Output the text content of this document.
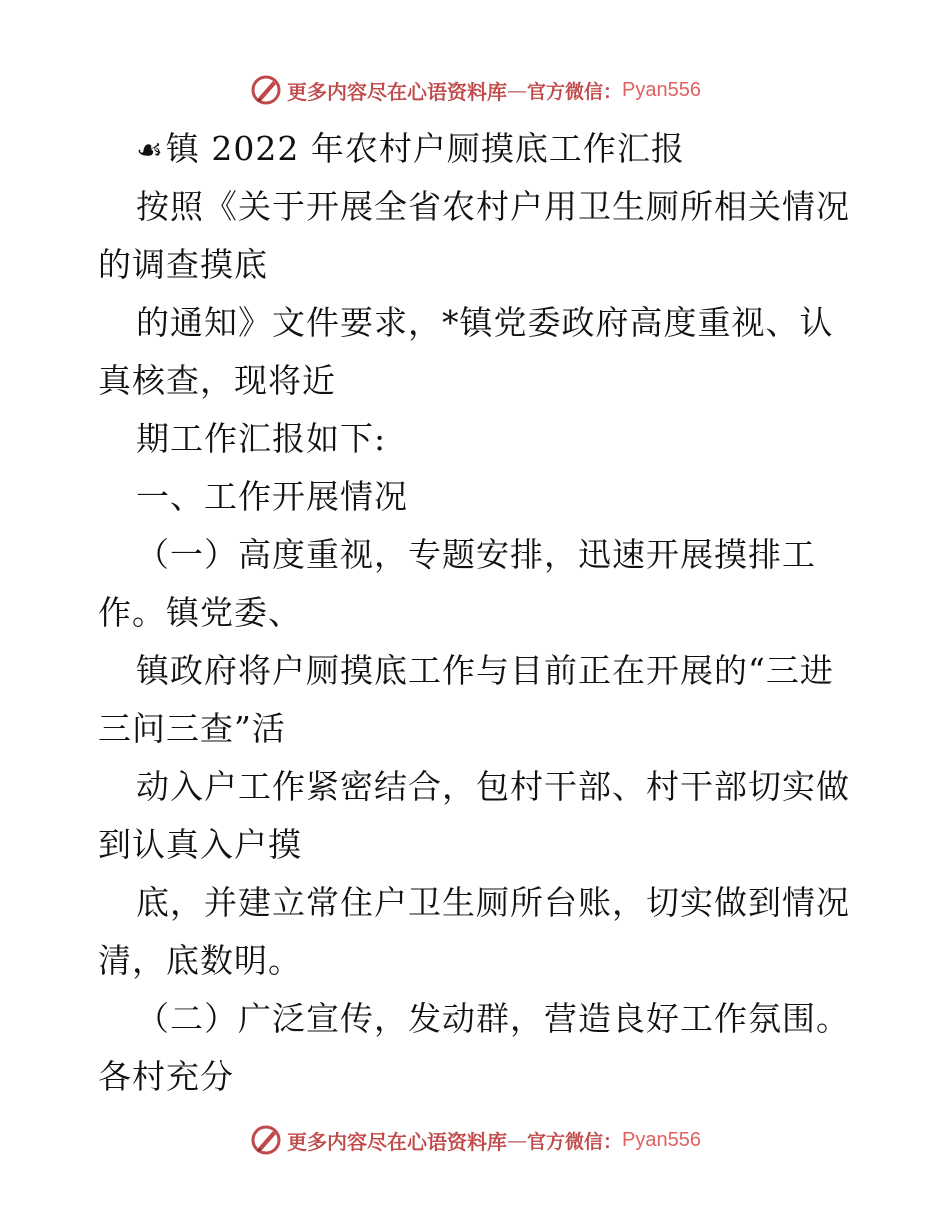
更多内容尽在心语资料库 — 官方微信： Pyan556
☙镇 2022 年农村户厕摸底工作汇报
按照《关于开展全省农村户用卫生厕所相关情况
的调查摸底
的通知》文件要求，*镇党委政府高度重视、认
真核查，现将近
期工作汇报如下:
一、工作开展情况
（一）高度重视，专题安排，迅速开展摸排工
作。镇党委、
镇政府将户厕摸底工作与目前正在开展的“三进
三问三查”活
动入户工作紧密结合，包村干部、村干部切实做
到认真入户摸
底，并建立常住户卫生厕所台账，切实做到情况
清，底数明。
（二）广泛宣传，发动群，营造良好工作氛围。
各村充分
更多内容尽在心语资料库 — 官方微信： Pyan556
